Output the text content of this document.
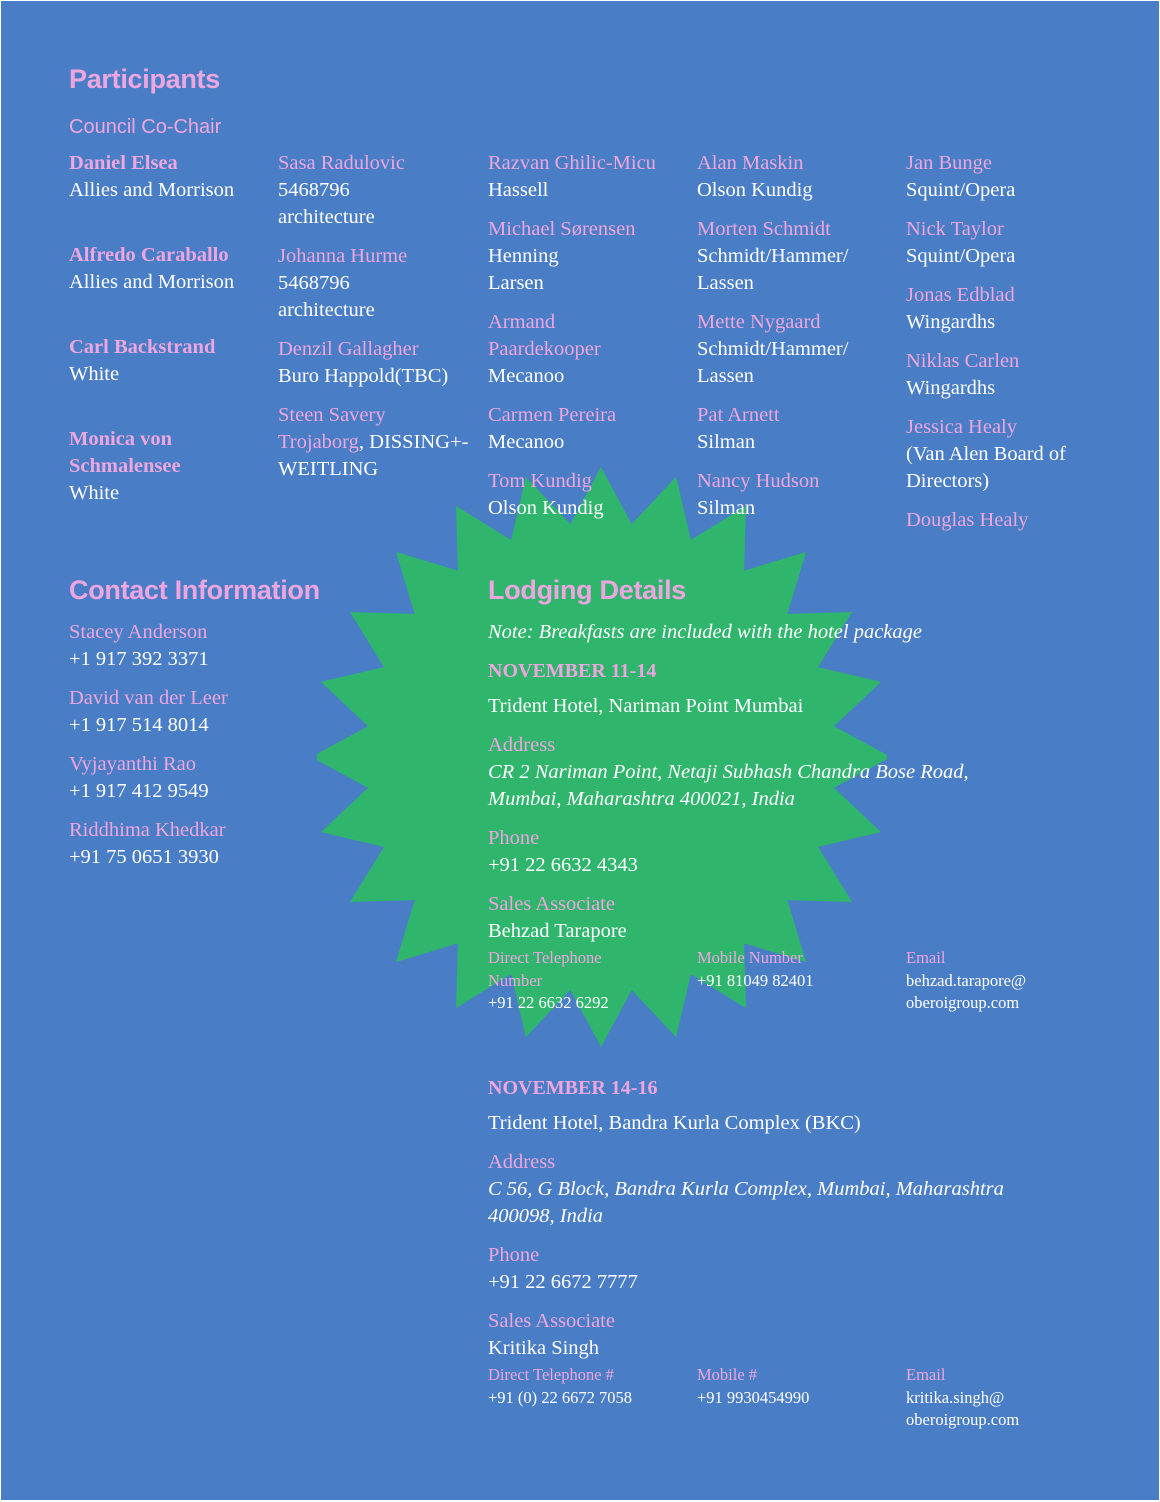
Participants
Council Co-Chair
Daniel Elsea
Allies and Morrison
Alfredo Caraballo
Allies and Morrison
Carl Backstrand
White
Monica von Schmalensee
White
Sasa Radulovic
5468796 architecture
Johanna Hurme
5468796 architecture
Denzil Gallagher
Buro Happold(TBC)
Steen Savery Trojaborg, DISSING+-WEITLING
Razvan Ghilic-Micu
Hassell
Michael Sørensen
Henning Larsen
Armand Paardekooper
Mecanoo
Carmen Pereira
Mecanoo
Tom Kundig
Olson Kundig
Alan Maskin
Olson Kundig
Morten Schmidt
Schmidt/Hammer/ Lassen
Mette Nygaard
Schmidt/Hammer/ Lassen
Pat Arnett
Silman
Nancy Hudson
Silman
Jan Bunge
Squint/Opera
Nick Taylor
Squint/Opera
Jonas Edblad
Wingardhs
Niklas Carlen
Wingardhs
Jessica Healy
(Van Alen Board of Directors)
Douglas Healy
Contact Information
Stacey Anderson
+1 917 392 3371
David van der Leer
+1 917 514 8014
Vyjayanthi Rao
+1 917 412 9549
Riddhima Khedkar
+91 75 0651 3930
Lodging Details
Note: Breakfasts are included with the hotel package
NOVEMBER 11-14
Trident Hotel, Nariman Point Mumbai
Address
CR 2 Nariman Point, Netaji Subhash Chandra Bose Road, Mumbai, Maharashtra 400021, India
Phone
+91 22 6632 4343
Sales Associate
Behzad Tarapore
Direct Telephone Number
+91 22 6632 6292
Mobile Number
+91 81049 82401
Email
behzad.tarapore@ oberoigroup.com
NOVEMBER 14-16
Trident Hotel, Bandra Kurla Complex (BKC)
Address
C 56, G Block, Bandra Kurla Complex, Mumbai, Maharashtra 400098, India
Phone
+91 22 6672 7777
Sales Associate
Kritika Singh
Direct Telephone #
+91 (0) 22 6672 7058
Mobile #
+91 9930454990
Email
kritika.singh@ oberoigroup.com
